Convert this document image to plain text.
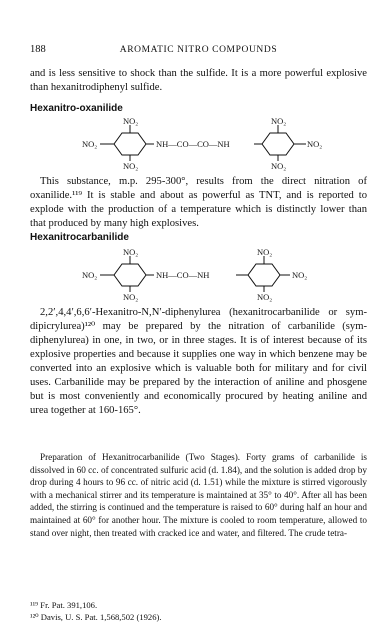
188	AROMATIC NITRO COMPOUNDS

and is less sensitive to shock than the sulfide. It is a more powerful explosive than hexanitrodiphenyl sulfide.

Hexanitro-oxanilide
NO₂	NO₂
NO₂	NH—CO—CO—NH	NO₂
NO₂	NO₂

This substance, m.p. 295-300°, results from the direct nitration of oxanilide.¹¹⁹ It is stable and about as powerful as TNT, and is reported to explode with the production of a temperature which is distinctly lower than that produced by many high explosives.

Hexanitrocarbanilide
NO₂	NO₂
NO₂	NH—CO—NH	NO₂
NO₂	NO₂

2,2′,4,4′,6,6′-Hexanitro-N,N′-diphenylurea (hexanitrocarbanilide or sym-dipicrylurea)¹²⁰ may be prepared by the nitration of carbanilide (sym-diphenylurea) in one, in two, or in three stages. It is of interest because of its explosive properties and because it supplies one way in which benzene may be converted into an explosive which is valuable both for military and for civil uses. Carbanilide may be prepared by the interaction of aniline and phosgene but is most conveniently and economically procured by heating aniline and urea together at 160-165°.

Preparation of Hexanitrocarbanilide (Two Stages). Forty grams of carbanilide is dissolved in 60 cc. of concentrated sulfuric acid (d. 1.84), and the solution is added drop by drop during 4 hours to 96 cc. of nitric acid (d. 1.51) while the mixture is stirred vigorously with a mechanical stirrer and its temperature is maintained at 35° to 40°. After all has been added, the stirring is continued and the temperature is raised to 60° during half an hour and maintained at 60° for another hour. The mixture is cooled to room temperature, allowed to stand over night, then treated with cracked ice and water, and filtered. The crude tetra-

¹¹⁹ Fr. Pat. 391,106.
¹²⁰ Davis, U. S. Pat. 1,568,502 (1926).
